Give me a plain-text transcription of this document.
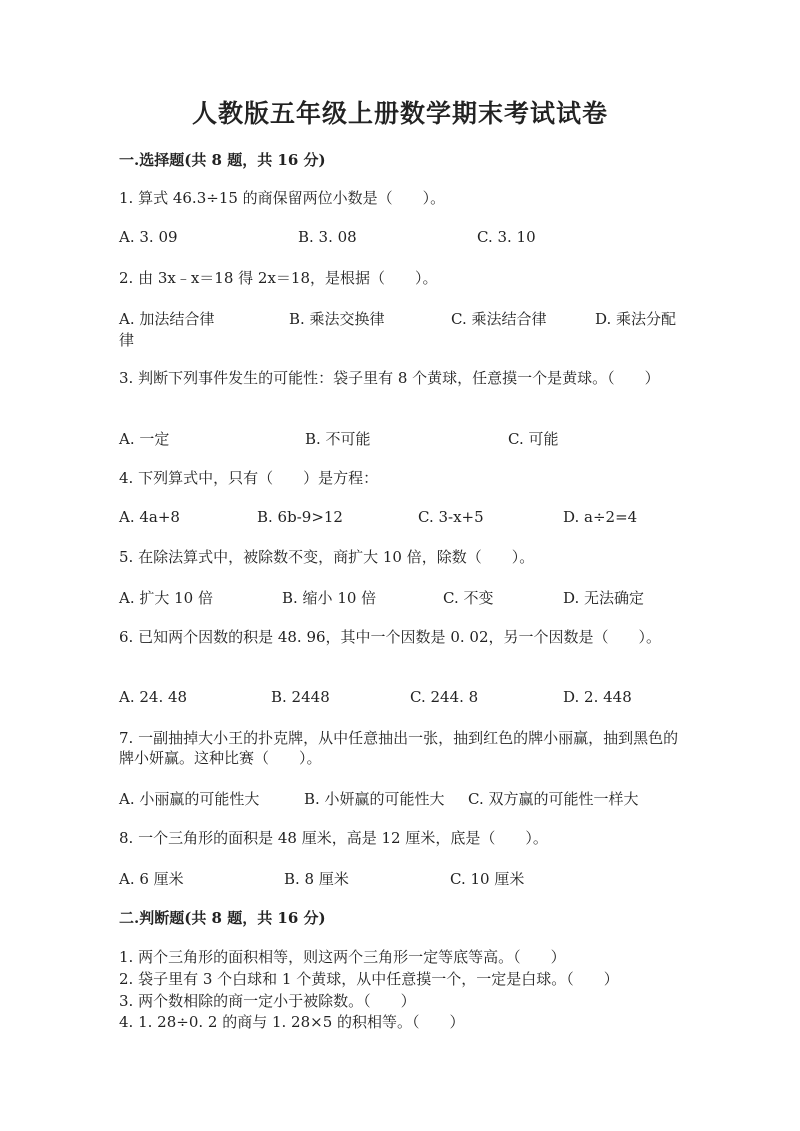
人教版五年级上册数学期末考试试卷
一.选择题(共 8 题，共 16 分)
1. 算式 46.3÷15 的商保留两位小数是（　　）。
A. 3. 09	B. 3. 08	C. 3. 10
2. 由 3x﹣x＝18 得 2x＝18，是根据（　　）。
A. 加法结合律	B. 乘法交换律	C. 乘法结合律	D. 乘法分配
律
3. 判断下列事件发生的可能性：袋子里有 8 个黄球，任意摸一个是黄球。（　　）
A. 一定	B. 不可能	C. 可能
4. 下列算式中，只有（　　）是方程：
A. 4a+8	B. 6b-9>12	C. 3-x+5	D. a÷2=4
5. 在除法算式中，被除数不变，商扩大 10 倍，除数（　　）。
A. 扩大 10 倍	B. 缩小 10 倍	C. 不变	D. 无法确定
6. 已知两个因数的积是 48. 96，其中一个因数是 0. 02，另一个因数是（　　）。
A. 24. 48	B. 2448	C. 244. 8	D. 2. 448
7. 一副抽掉大小王的扑克牌，从中任意抽出一张，抽到红色的牌小丽赢，抽到黑色的牌小妍赢。这种比赛（　　）。
A. 小丽赢的可能性大	B. 小妍赢的可能性大 C. 双方赢的可能性一样大
8. 一个三角形的面积是 48 厘米，高是 12 厘米，底是（　　）。
A. 6 厘米	B. 8 厘米	C. 10 厘米
二.判断题(共 8 题，共 16 分)
1. 两个三角形的面积相等，则这两个三角形一定等底等高。（　　）
2. 袋子里有 3 个白球和 1 个黄球，从中任意摸一个，一定是白球。（　　）
3. 两个数相除的商一定小于被除数。（　　）
4. 1. 28÷0. 2 的商与 1. 28×5 的积相等。（　　）
